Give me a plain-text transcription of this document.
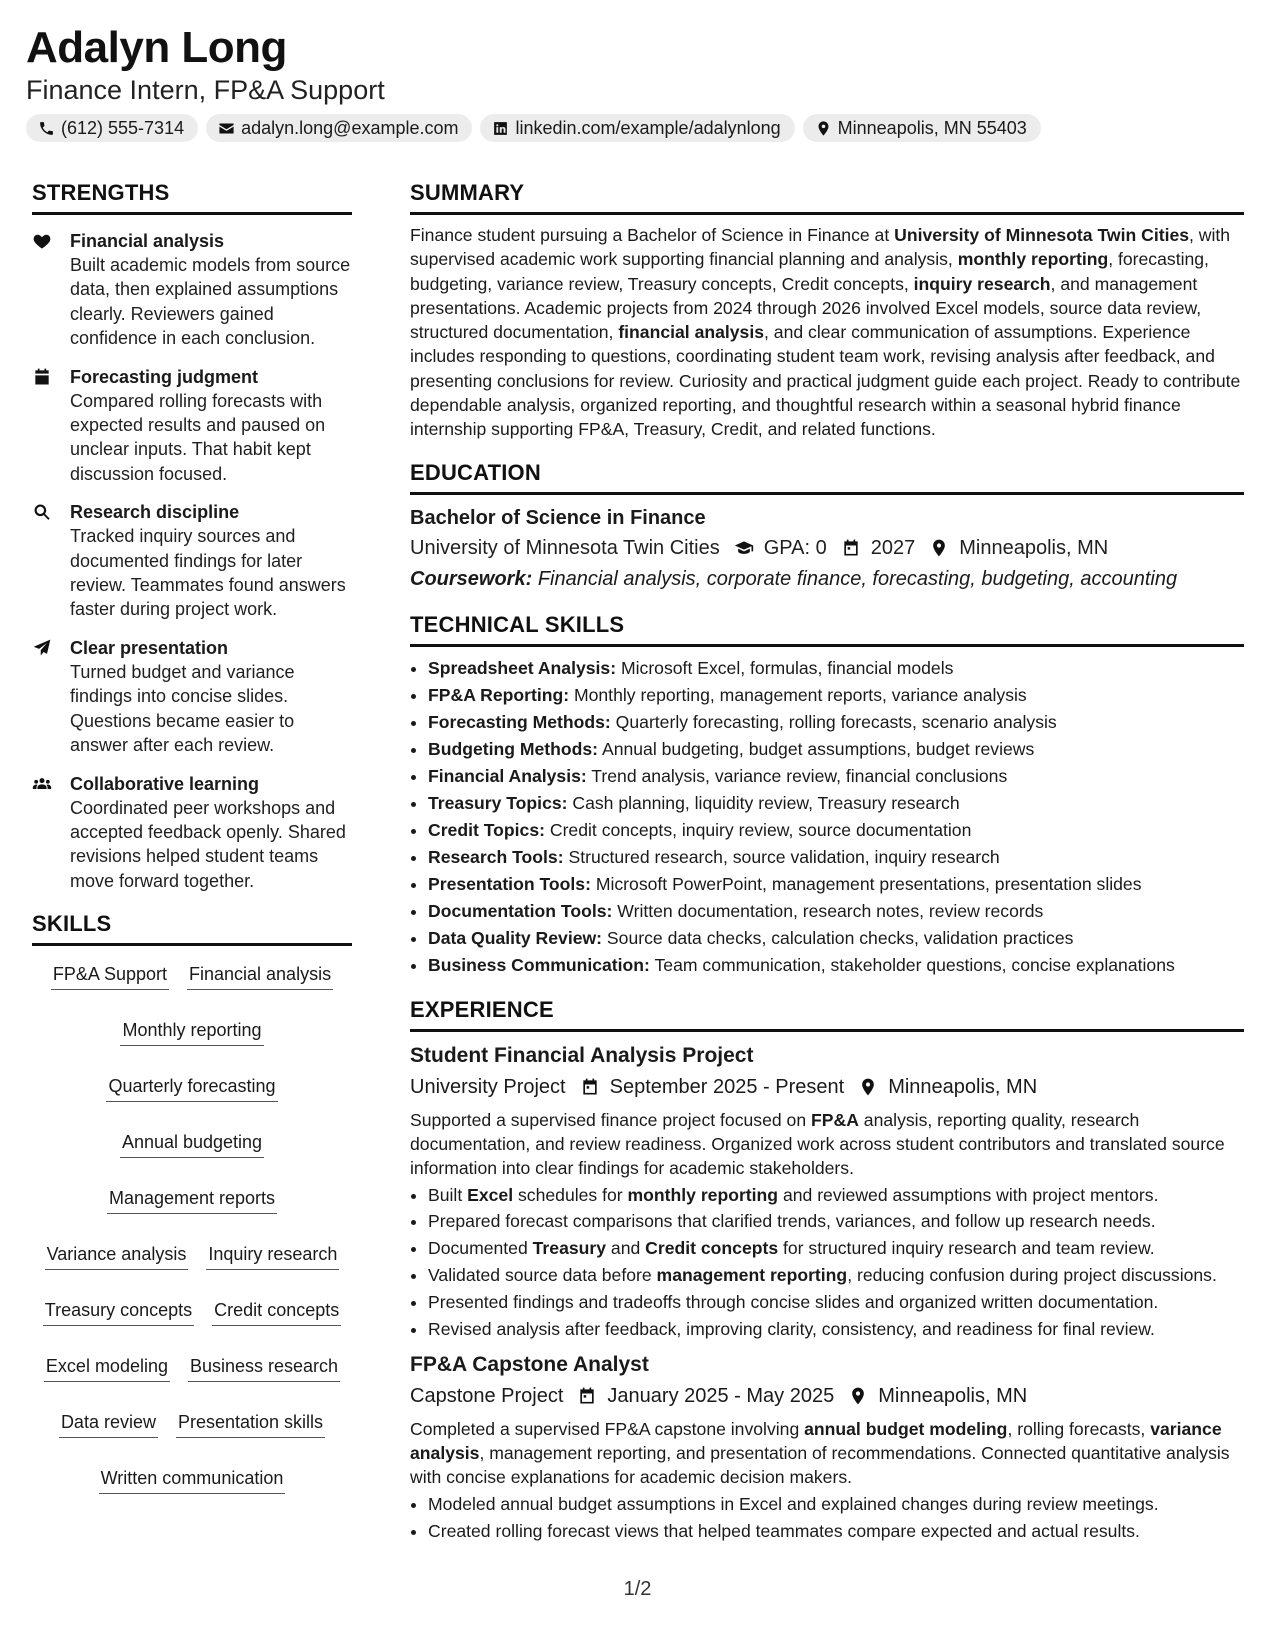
Adalyn Long
Finance Intern, FP&A Support
(612) 555-7314	adalyn.long@example.com	linkedin.com/example/adalynlong	Minneapolis, MN 55403
STRENGTHS
Financial analysis
Built academic models from source data, then explained assumptions clearly. Reviewers gained confidence in each conclusion.
Forecasting judgment
Compared rolling forecasts with expected results and paused on unclear inputs. That habit kept discussion focused.
Research discipline
Tracked inquiry sources and documented findings for later review. Teammates found answers faster during project work.
Clear presentation
Turned budget and variance findings into concise slides. Questions became easier to answer after each review.
Collaborative learning
Coordinated peer workshops and accepted feedback openly. Shared revisions helped student teams move forward together.
SKILLS
FP&A Support Financial analysis
Monthly reporting
Quarterly forecasting
Annual budgeting
Management reports
Variance analysis Inquiry research
Treasury concepts Credit concepts
Excel modeling Business research
Data review Presentation skills
Written communication
SUMMARY
Finance student pursuing a Bachelor of Science in Finance at University of Minnesota Twin Cities, with supervised academic work supporting financial planning and analysis, monthly reporting, forecasting, budgeting, variance review, Treasury concepts, Credit concepts, inquiry research, and management presentations. Academic projects from 2024 through 2026 involved Excel models, source data review, structured documentation, financial analysis, and clear communication of assumptions. Experience includes responding to questions, coordinating student team work, revising analysis after feedback, and presenting conclusions for review. Curiosity and practical judgment guide each project. Ready to contribute dependable analysis, organized reporting, and thoughtful research within a seasonal hybrid finance internship supporting FP&A, Treasury, Credit, and related functions.
EDUCATION
Bachelor of Science in Finance
University of Minnesota Twin Cities GPA: 0 2027 Minneapolis, MN
Coursework: Financial analysis, corporate finance, forecasting, budgeting, accounting
TECHNICAL SKILLS
• Spreadsheet Analysis: Microsoft Excel, formulas, financial models
• FP&A Reporting: Monthly reporting, management reports, variance analysis
• Forecasting Methods: Quarterly forecasting, rolling forecasts, scenario analysis
• Budgeting Methods: Annual budgeting, budget assumptions, budget reviews
• Financial Analysis: Trend analysis, variance review, financial conclusions
• Treasury Topics: Cash planning, liquidity review, Treasury research
• Credit Topics: Credit concepts, inquiry review, source documentation
• Research Tools: Structured research, source validation, inquiry research
• Presentation Tools: Microsoft PowerPoint, management presentations, presentation slides
• Documentation Tools: Written documentation, research notes, review records
• Data Quality Review: Source data checks, calculation checks, validation practices
• Business Communication: Team communication, stakeholder questions, concise explanations
EXPERIENCE
Student Financial Analysis Project
University Project September 2025 - Present Minneapolis, MN
Supported a supervised finance project focused on FP&A analysis, reporting quality, research documentation, and review readiness. Organized work across student contributors and translated source information into clear findings for academic stakeholders.
• Built Excel schedules for monthly reporting and reviewed assumptions with project mentors.
• Prepared forecast comparisons that clarified trends, variances, and follow up research needs.
• Documented Treasury and Credit concepts for structured inquiry research and team review.
• Validated source data before management reporting, reducing confusion during project discussions.
• Presented findings and tradeoffs through concise slides and organized written documentation.
• Revised analysis after feedback, improving clarity, consistency, and readiness for final review.
FP&A Capstone Analyst
Capstone Project January 2025 - May 2025 Minneapolis, MN
Completed a supervised FP&A capstone involving annual budget modeling, rolling forecasts, variance analysis, management reporting, and presentation of recommendations. Connected quantitative analysis with concise explanations for academic decision makers.
• Modeled annual budget assumptions in Excel and explained changes during review meetings.
• Created rolling forecast views that helped teammates compare expected and actual results.
1/2
